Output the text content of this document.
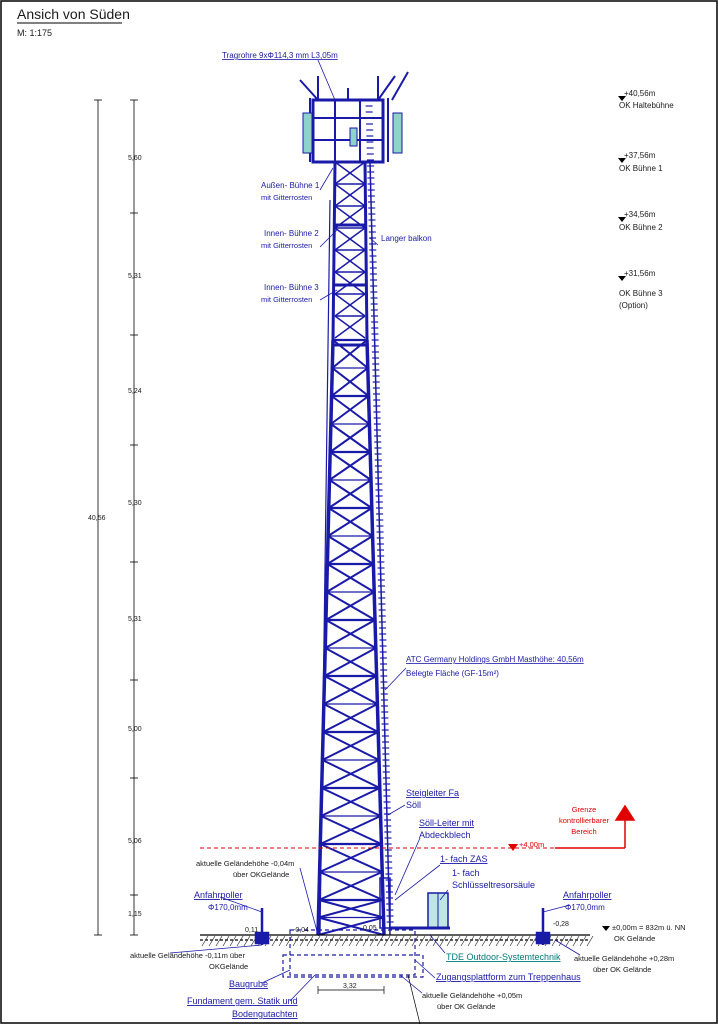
Ansich von Süden
M: 1:175
40,56
5,60
5,31
5,24
5,30
5,31
5,00
5,06
1,15
+40,56m
OK Haltebühne
+37,56m
OK Bühne 1
+34,56m
OK Bühne 2
+31,56m
OK Bühne 3
(Option)
3,32
0,11	-0,04	0,05
-0,28
Tragrohre 9xΦ114,3 mm L3,05m
Außen- Bühne 1
mit Gitterrosten
Innen- Bühne 2
mit Gitterrosten
Innen- Bühne 3
mit Gitterrosten
Langer balkon
ATC Germany Holdings GmbH Masthöhe: 40,56m
Belegte Fläche (GF-15m²)
Steigleiter Fa
Söll
Söll-Leiter mit
Abdeckblech
1- fach ZAS
1- fach
Schlüsseltresorsäule
Grenze
kontrollierbarer
Bereich
+4,00m
aktuelle Geländehöhe -0,04m
über OKGelände
Anfahrpoller
Φ170,0mm
Anfahrpoller
Φ170,0mm
±0,00m = 832m ü. NN
OK Gelände
aktuelle Geländehöhe -0,11m über
OKGelände
TDE Outdoor-Systemtechnik aktuelle Geländehöhe +0,28m
über OK Gelände
Baugrube
Zugangsplattform zum Treppenhaus
Fundament gem. Statik und
Bodengutachten
aktuelle Geländehöhe +0,05m
über OK Gelände
